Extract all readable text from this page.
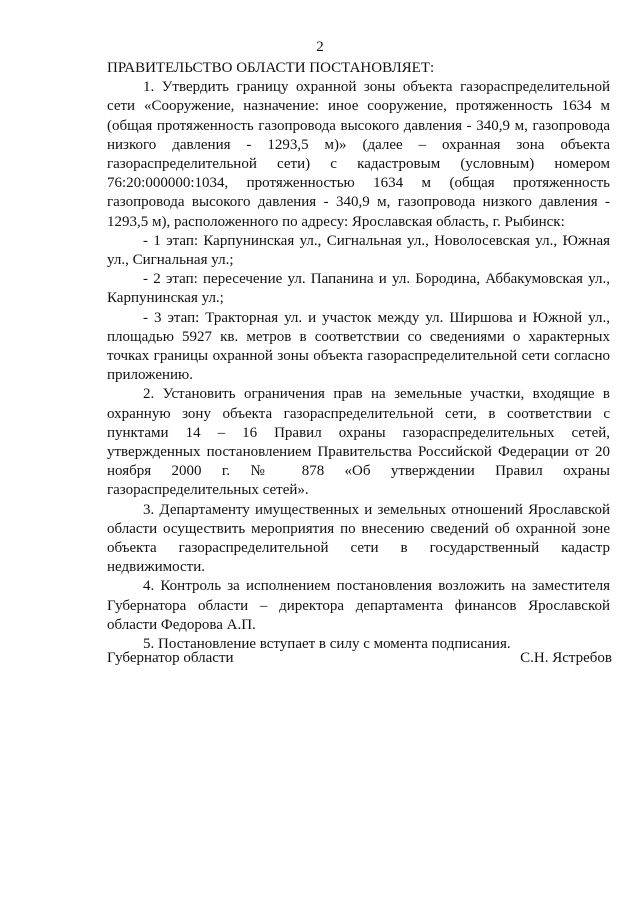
2

ПРАВИТЕЛЬСТВО ОБЛАСТИ ПОСТАНОВЛЯЕТ:

1. Утвердить границу охранной зоны объекта газораспределительной сети «Сооружение, назначение: иное сооружение, протяженность 1634 м (общая протяженность газопровода высокого давления - 340,9 м, газопровода низкого давления - 1293,5 м)» (далее – охранная зона объекта газораспределительной сети) с кадастровым (условным) номером 76:20:000000:1034, протяженностью 1634 м (общая протяженность газопровода высокого давления - 340,9 м, газопровода низкого давления - 1293,5 м), расположенного по адресу: Ярославская область, г. Рыбинск:

- 1 этап: Карпунинская ул., Сигнальная ул., Новолосевская ул., Южная ул., Сигнальная ул.;

- 2 этап: пересечение ул. Папанина и ул. Бородина, Аббакумовская ул., Карпунинская ул.;

- 3 этап: Тракторная ул. и участок между ул. Ширшова и Южной ул., площадью 5927 кв. метров в соответствии со сведениями о характерных точках границы охранной зоны объекта газораспределительной сети согласно приложению.

2. Установить ограничения прав на земельные участки, входящие в охранную зону объекта газораспределительной сети, в соответствии с пунктами 14 – 16 Правил охраны газораспределительных сетей, утвержденных постановлением Правительства Российской Федерации от 20 ноября 2000 г. № 878 «Об утверждении Правил охраны газораспределительных сетей».

3. Департаменту имущественных и земельных отношений Ярославской области осуществить мероприятия по внесению сведений об охранной зоне объекта газораспределительной сети в государственный кадастр недвижимости.

4. Контроль за исполнением постановления возложить на заместителя Губернатора области – директора департамента финансов Ярославской области Федорова А.П.

5. Постановление вступает в силу с момента подписания.

Губернатор области	С.Н. Ястребов
